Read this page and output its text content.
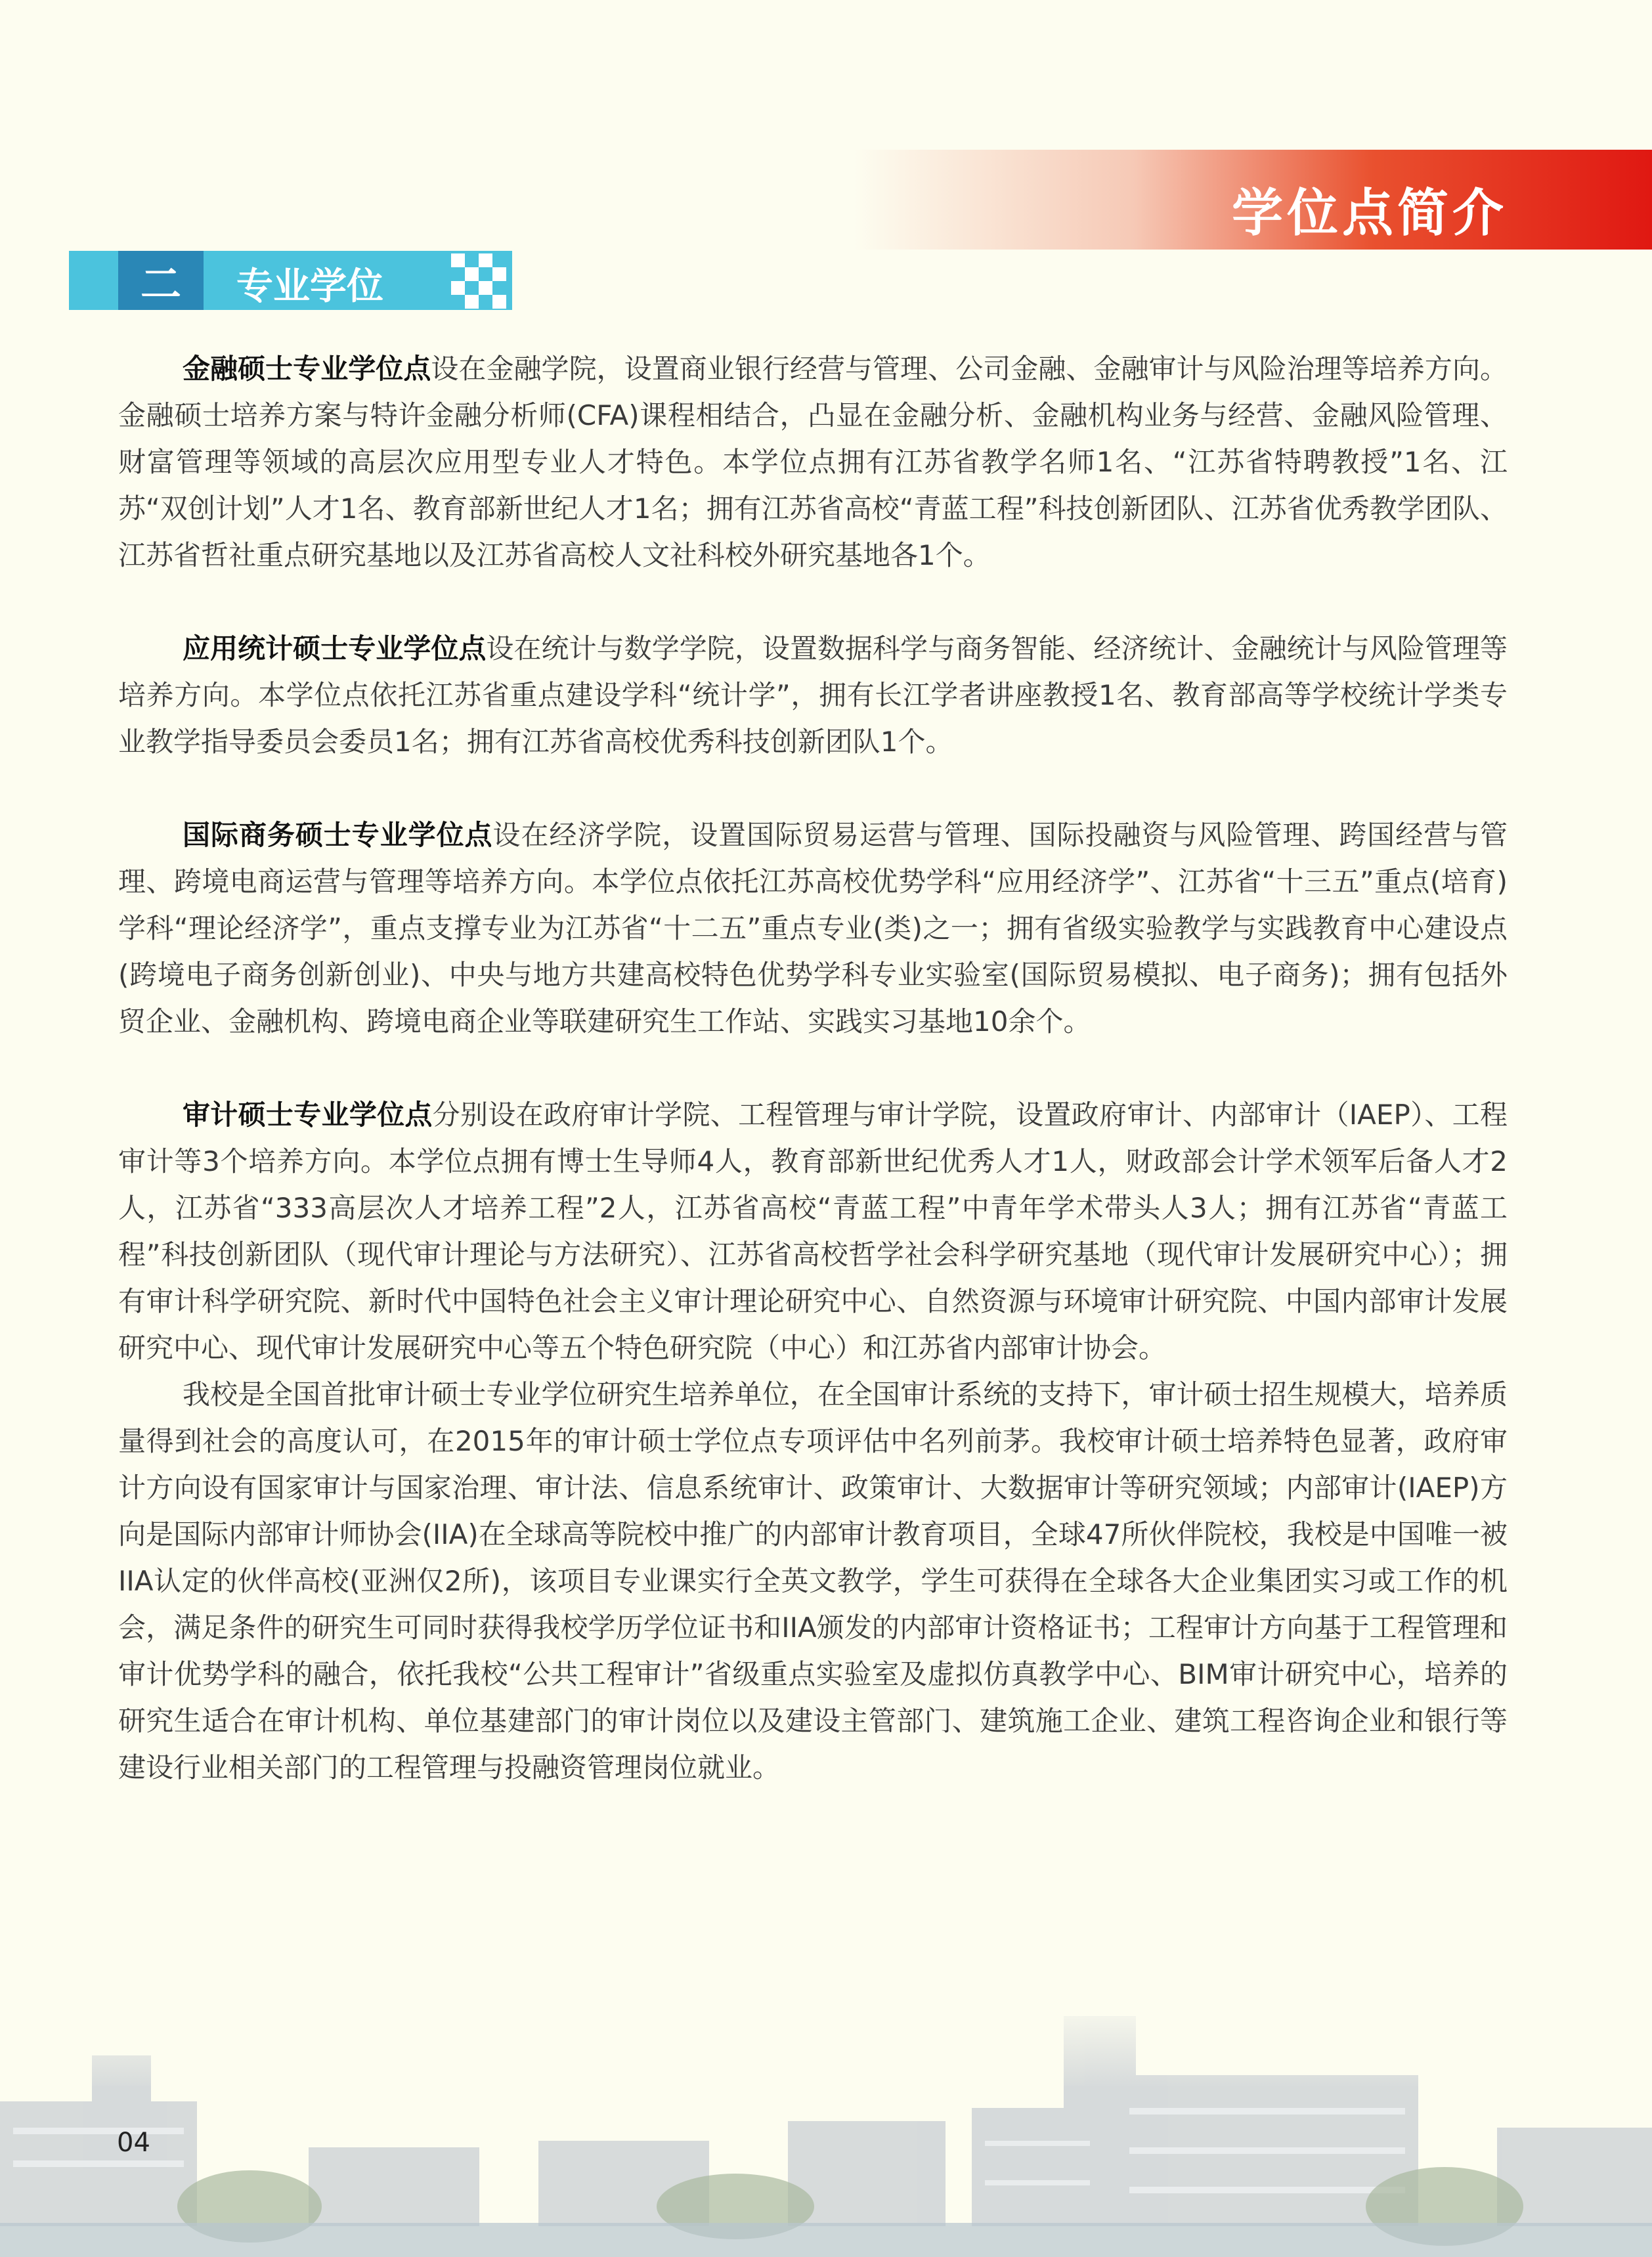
学位点简介
二	专业学位

金融硕士专业学位点设在金融学院，设置商业银行经营与管理、公司金融、金融审计与风险治理等培养方向。金融硕士培养方案与特许金融分析师(CFA)课程相结合，凸显在金融分析、金融机构业务与经营、金融风险管理、财富管理等领域的高层次应用型专业人才特色。本学位点拥有江苏省教学名师1名、“江苏省特聘教授”1名、江苏“双创计划”人才1名、教育部新世纪人才1名；拥有江苏省高校“青蓝工程”科技创新团队、江苏省优秀教学团队、江苏省哲社重点研究基地以及江苏省高校人文社科校外研究基地各1个。

应用统计硕士专业学位点设在统计与数学学院，设置数据科学与商务智能、经济统计、金融统计与风险管理等培养方向。本学位点依托江苏省重点建设学科“统计学”，拥有长江学者讲座教授1名、教育部高等学校统计学类专业教学指导委员会委员1名；拥有江苏省高校优秀科技创新团队1个。

国际商务硕士专业学位点设在经济学院，设置国际贸易运营与管理、国际投融资与风险管理、跨国经营与管理、跨境电商运营与管理等培养方向。本学位点依托江苏高校优势学科“应用经济学”、江苏省“十三五”重点(培育)学科“理论经济学”，重点支撑专业为江苏省“十二五”重点专业(类)之一；拥有省级实验教学与实践教育中心建设点(跨境电子商务创新创业)、中央与地方共建高校特色优势学科专业实验室(国际贸易模拟、电子商务)；拥有包括外贸企业、金融机构、跨境电商企业等联建研究生工作站、实践实习基地10余个。

审计硕士专业学位点分别设在政府审计学院、工程管理与审计学院，设置政府审计、内部审计（IAEP）、工程审计等3个培养方向。本学位点拥有博士生导师4人，教育部新世纪优秀人才1人，财政部会计学术领军后备人才2人，江苏省“333高层次人才培养工程”2人，江苏省高校“青蓝工程”中青年学术带头人3人；拥有江苏省“青蓝工程”科技创新团队（现代审计理论与方法研究）、江苏省高校哲学社会科学研究基地（现代审计发展研究中心）；拥有审计科学研究院、新时代中国特色社会主义审计理论研究中心、自然资源与环境审计研究院、中国内部审计发展研究中心、现代审计发展研究中心等五个特色研究院（中心）和江苏省内部审计协会。

我校是全国首批审计硕士专业学位研究生培养单位，在全国审计系统的支持下，审计硕士招生规模大，培养质量得到社会的高度认可，在2015年的审计硕士学位点专项评估中名列前茅。我校审计硕士培养特色显著，政府审计方向设有国家审计与国家治理、审计法、信息系统审计、政策审计、大数据审计等研究领域；内部审计(IAEP)方向是国际内部审计师协会(IIA)在全球高等院校中推广的内部审计教育项目，全球47所伙伴院校，我校是中国唯一被IIA认定的伙伴高校(亚洲仅2所)，该项目专业课实行全英文教学，学生可获得在全球各大企业集团实习或工作的机会，满足条件的研究生可同时获得我校学历学位证书和IIA颁发的内部审计资格证书；工程审计方向基于工程管理和审计优势学科的融合，依托我校“公共工程审计”省级重点实验室及虚拟仿真教学中心、BIM审计研究中心，培养的研究生适合在审计机构、单位基建部门的审计岗位以及建设主管部门、建筑施工企业、建筑工程咨询企业和银行等建设行业相关部门的工程管理与投融资管理岗位就业。

04
